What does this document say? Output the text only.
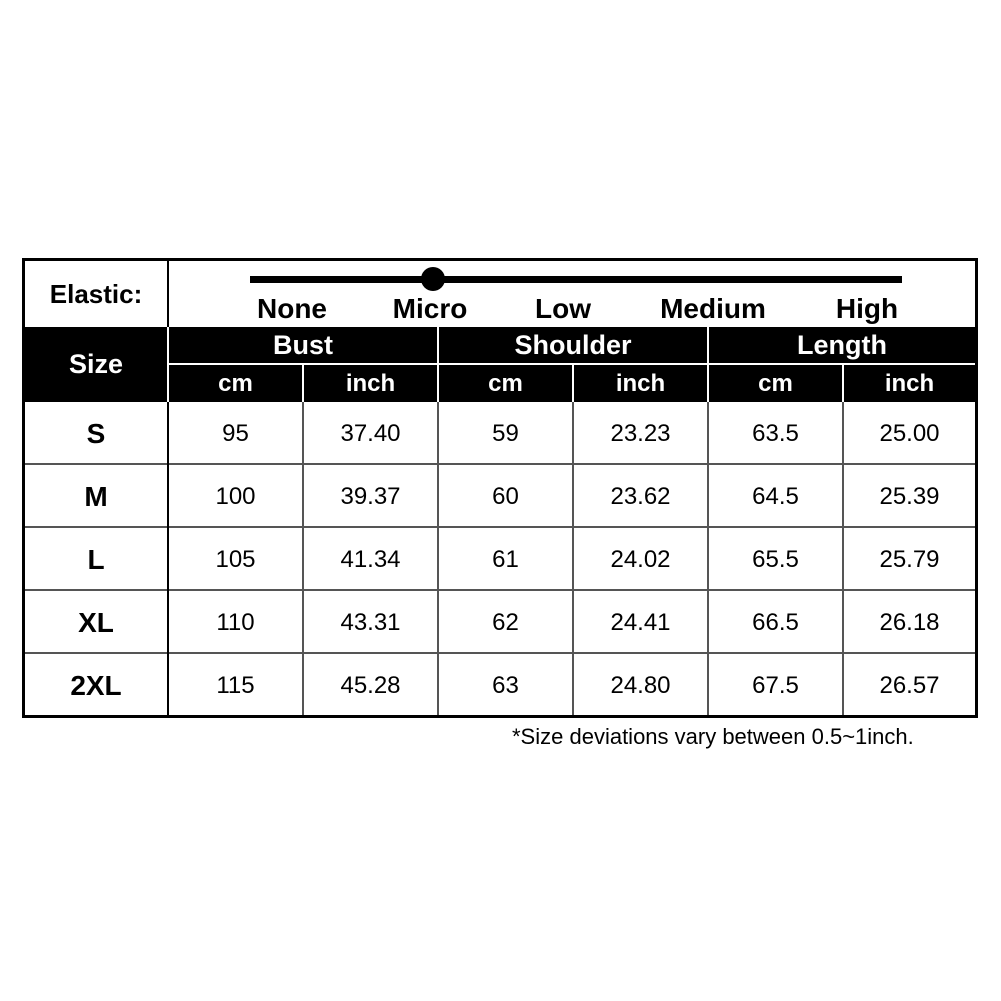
Elastic:	None Micro Low Medium	High
Size
Bust	Shoulder	Length
cm	inch	cm	inch	cm	inch
S	95	37.40	59	23.23	63.5	25.00
M	100	39.37	60	23.62	64.5	25.39
L	105	41.34	61	24.02	65.5	25.79
XL	110	43.31	62	24.41	66.5	26.18
2XL	115	45.28	63	24.80	67.5	26.57
*Size deviations vary between 0.5~1inch.
